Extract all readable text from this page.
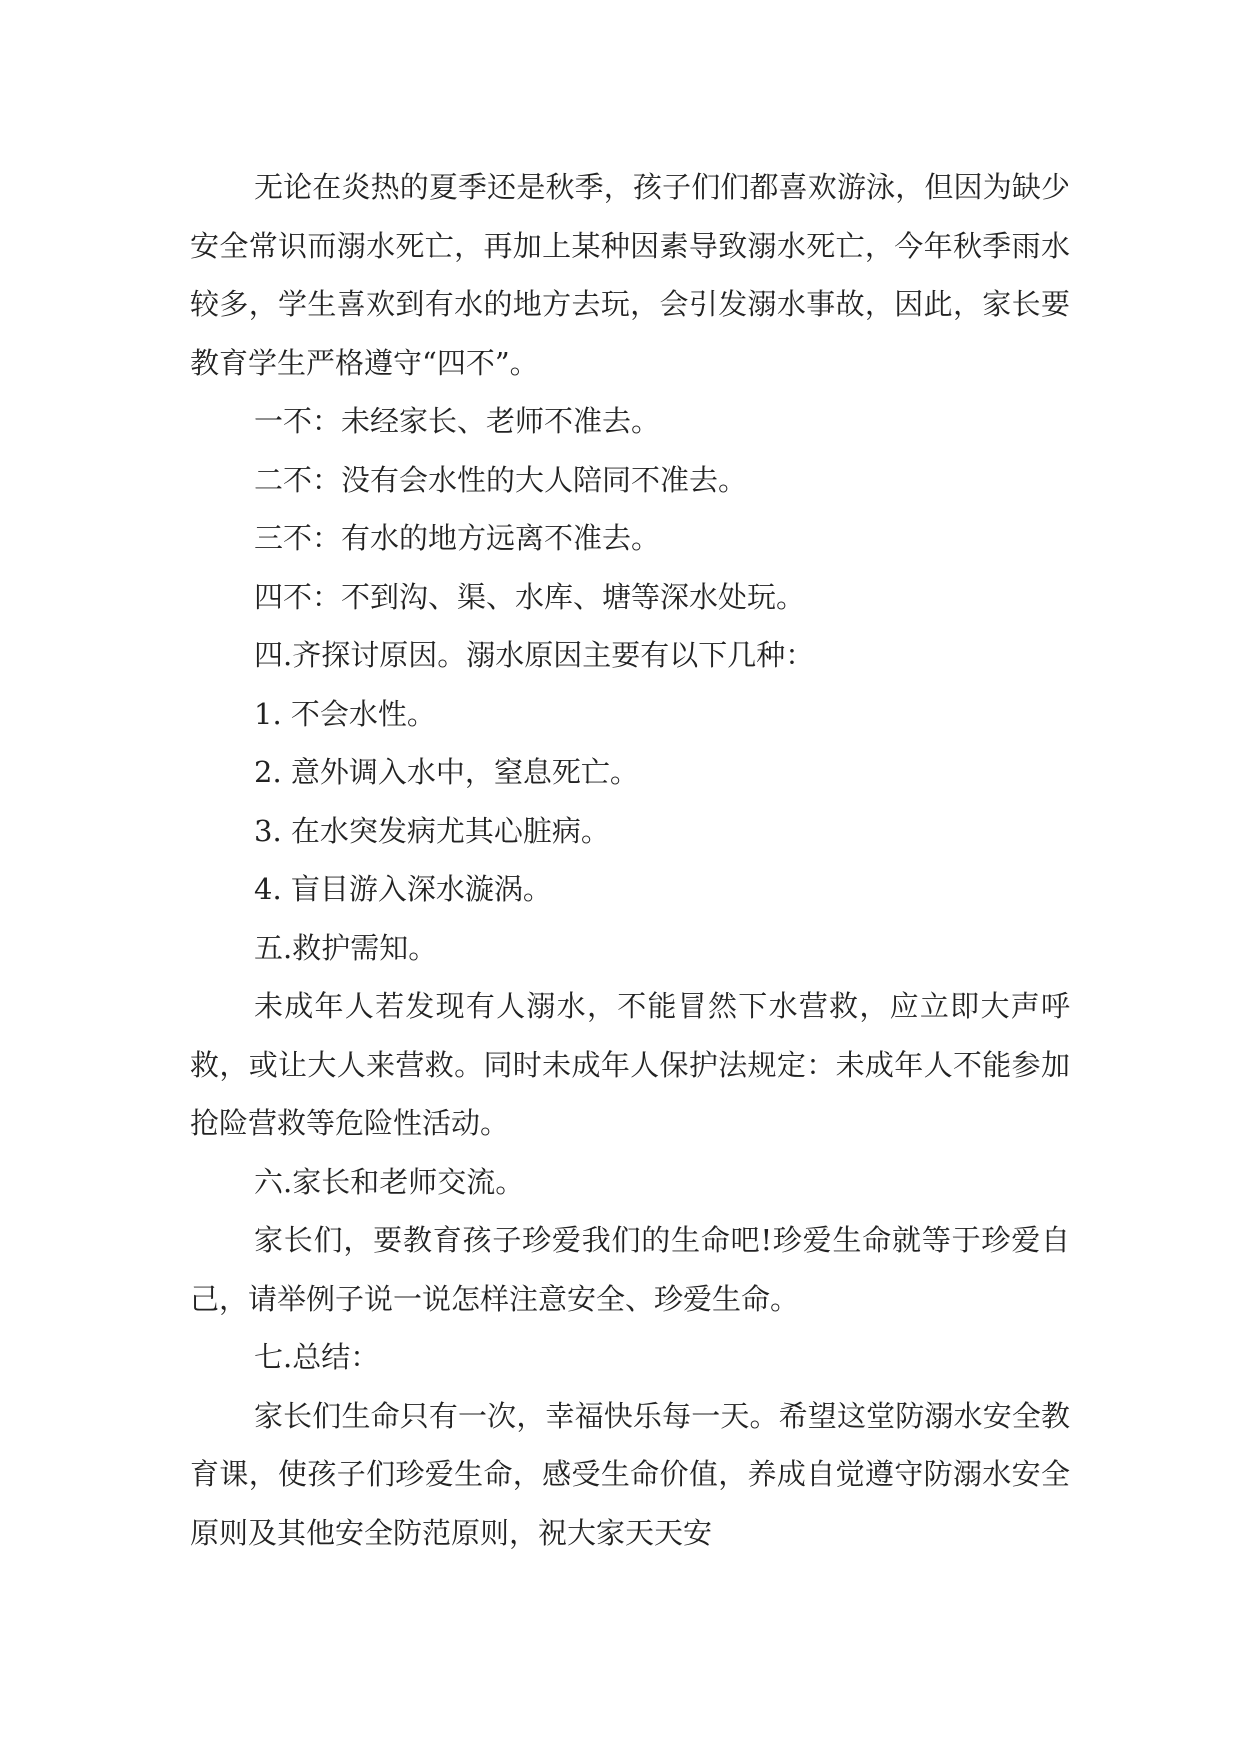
无论在炎热的夏季还是秋季，孩子们们都喜欢游泳，但因为缺少安全常识而溺水死亡，再加上某种因素导致溺水死亡，今年秋季雨水较多，学生喜欢到有水的地方去玩，会引发溺水事故，因此，家长要教育学生严格遵守“四不”。

一不：未经家长、老师不准去。

二不：没有会水性的大人陪同不准去。

三不：有水的地方远离不准去。

四不：不到沟、渠、水库、塘等深水处玩。

四.齐探讨原因。溺水原因主要有以下几种：

1. 不会水性。

2. 意外调入水中，窒息死亡。

3. 在水突发病尤其心脏病。

4. 盲目游入深水漩涡。

五.救护需知。

未成年人若发现有人溺水，不能冒然下水营救，应立即大声呼救，或让大人来营救。同时未成年人保护法规定：未成年人不能参加抢险营救等危险性活动。

六.家长和老师交流。

家长们，要教育孩子珍爱我们的生命吧!珍爱生命就等于珍爱自己，请举例子说一说怎样注意安全、珍爱生命。

七.总结：

家长们生命只有一次，幸福快乐每一天。希望这堂防溺水安全教育课，使孩子们珍爱生命，感受生命价值，养成自觉遵守防溺水安全原则及其他安全防范原则，祝大家天天安
